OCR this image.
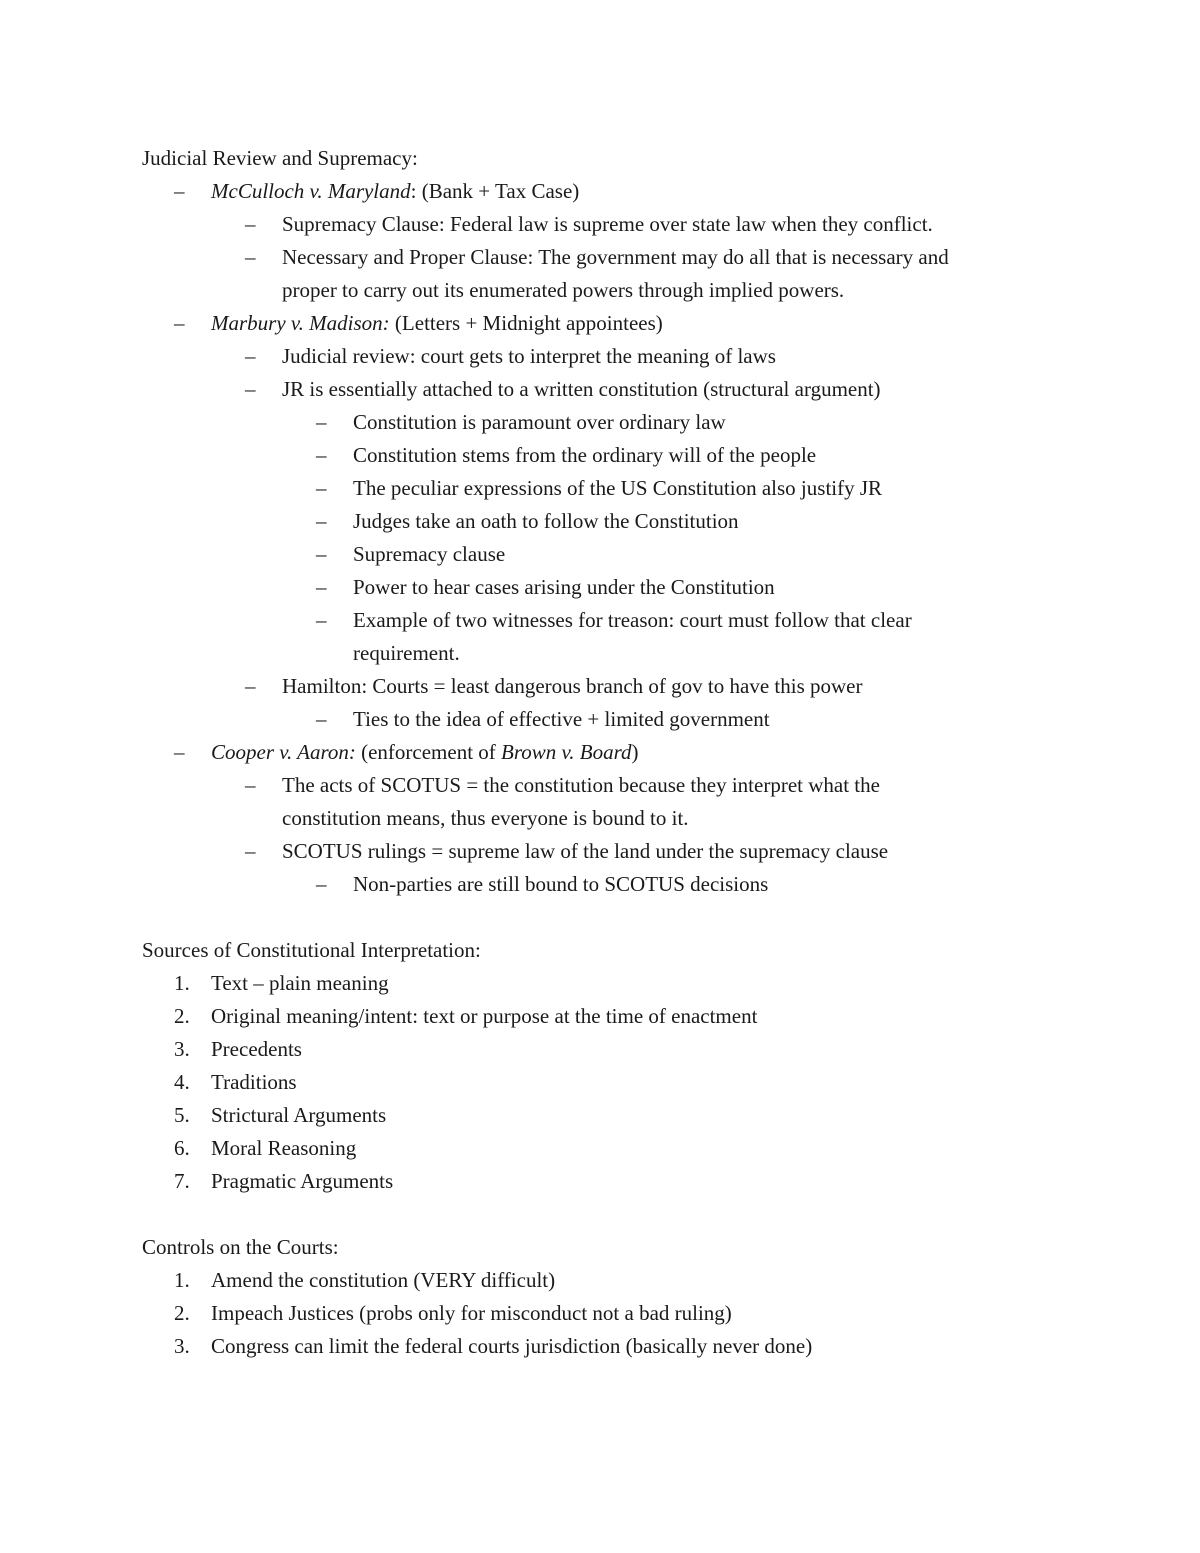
Judicial Review and Supremacy:
– McCulloch v. Maryland: (Bank + Tax Case)
– Supremacy Clause: Federal law is supreme over state law when they conflict.
– Necessary and Proper Clause: The government may do all that is necessary and
proper to carry out its enumerated powers through implied powers.
– Marbury v. Madison: (Letters + Midnight appointees)
– Judicial review: court gets to interpret the meaning of laws
– JR is essentially attached to a written constitution (structural argument)
– Constitution is paramount over ordinary law
– Constitution stems from the ordinary will of the people
– The peculiar expressions of the US Constitution also justify JR
– Judges take an oath to follow the Constitution
– Supremacy clause
– Power to hear cases arising under the Constitution
– Example of two witnesses for treason: court must follow that clear
requirement.
– Hamilton: Courts = least dangerous branch of gov to have this power
– Ties to the idea of effective + limited government
– Cooper v. Aaron: (enforcement of Brown v. Board)
– The acts of SCOTUS = the constitution because they interpret what the
constitution means, thus everyone is bound to it.
– SCOTUS rulings = supreme law of the land under the supremacy clause
– Non-parties are still bound to SCOTUS decisions
Sources of Constitutional Interpretation:
1. Text – plain meaning
2. Original meaning/intent: text or purpose at the time of enactment
3. Precedents
4. Traditions
5. Strictural Arguments
6. Moral Reasoning
7. Pragmatic Arguments
Controls on the Courts:
1. Amend the constitution (VERY difficult)
2. Impeach Justices (probs only for misconduct not a bad ruling)
3. Congress can limit the federal courts jurisdiction (basically never done)
